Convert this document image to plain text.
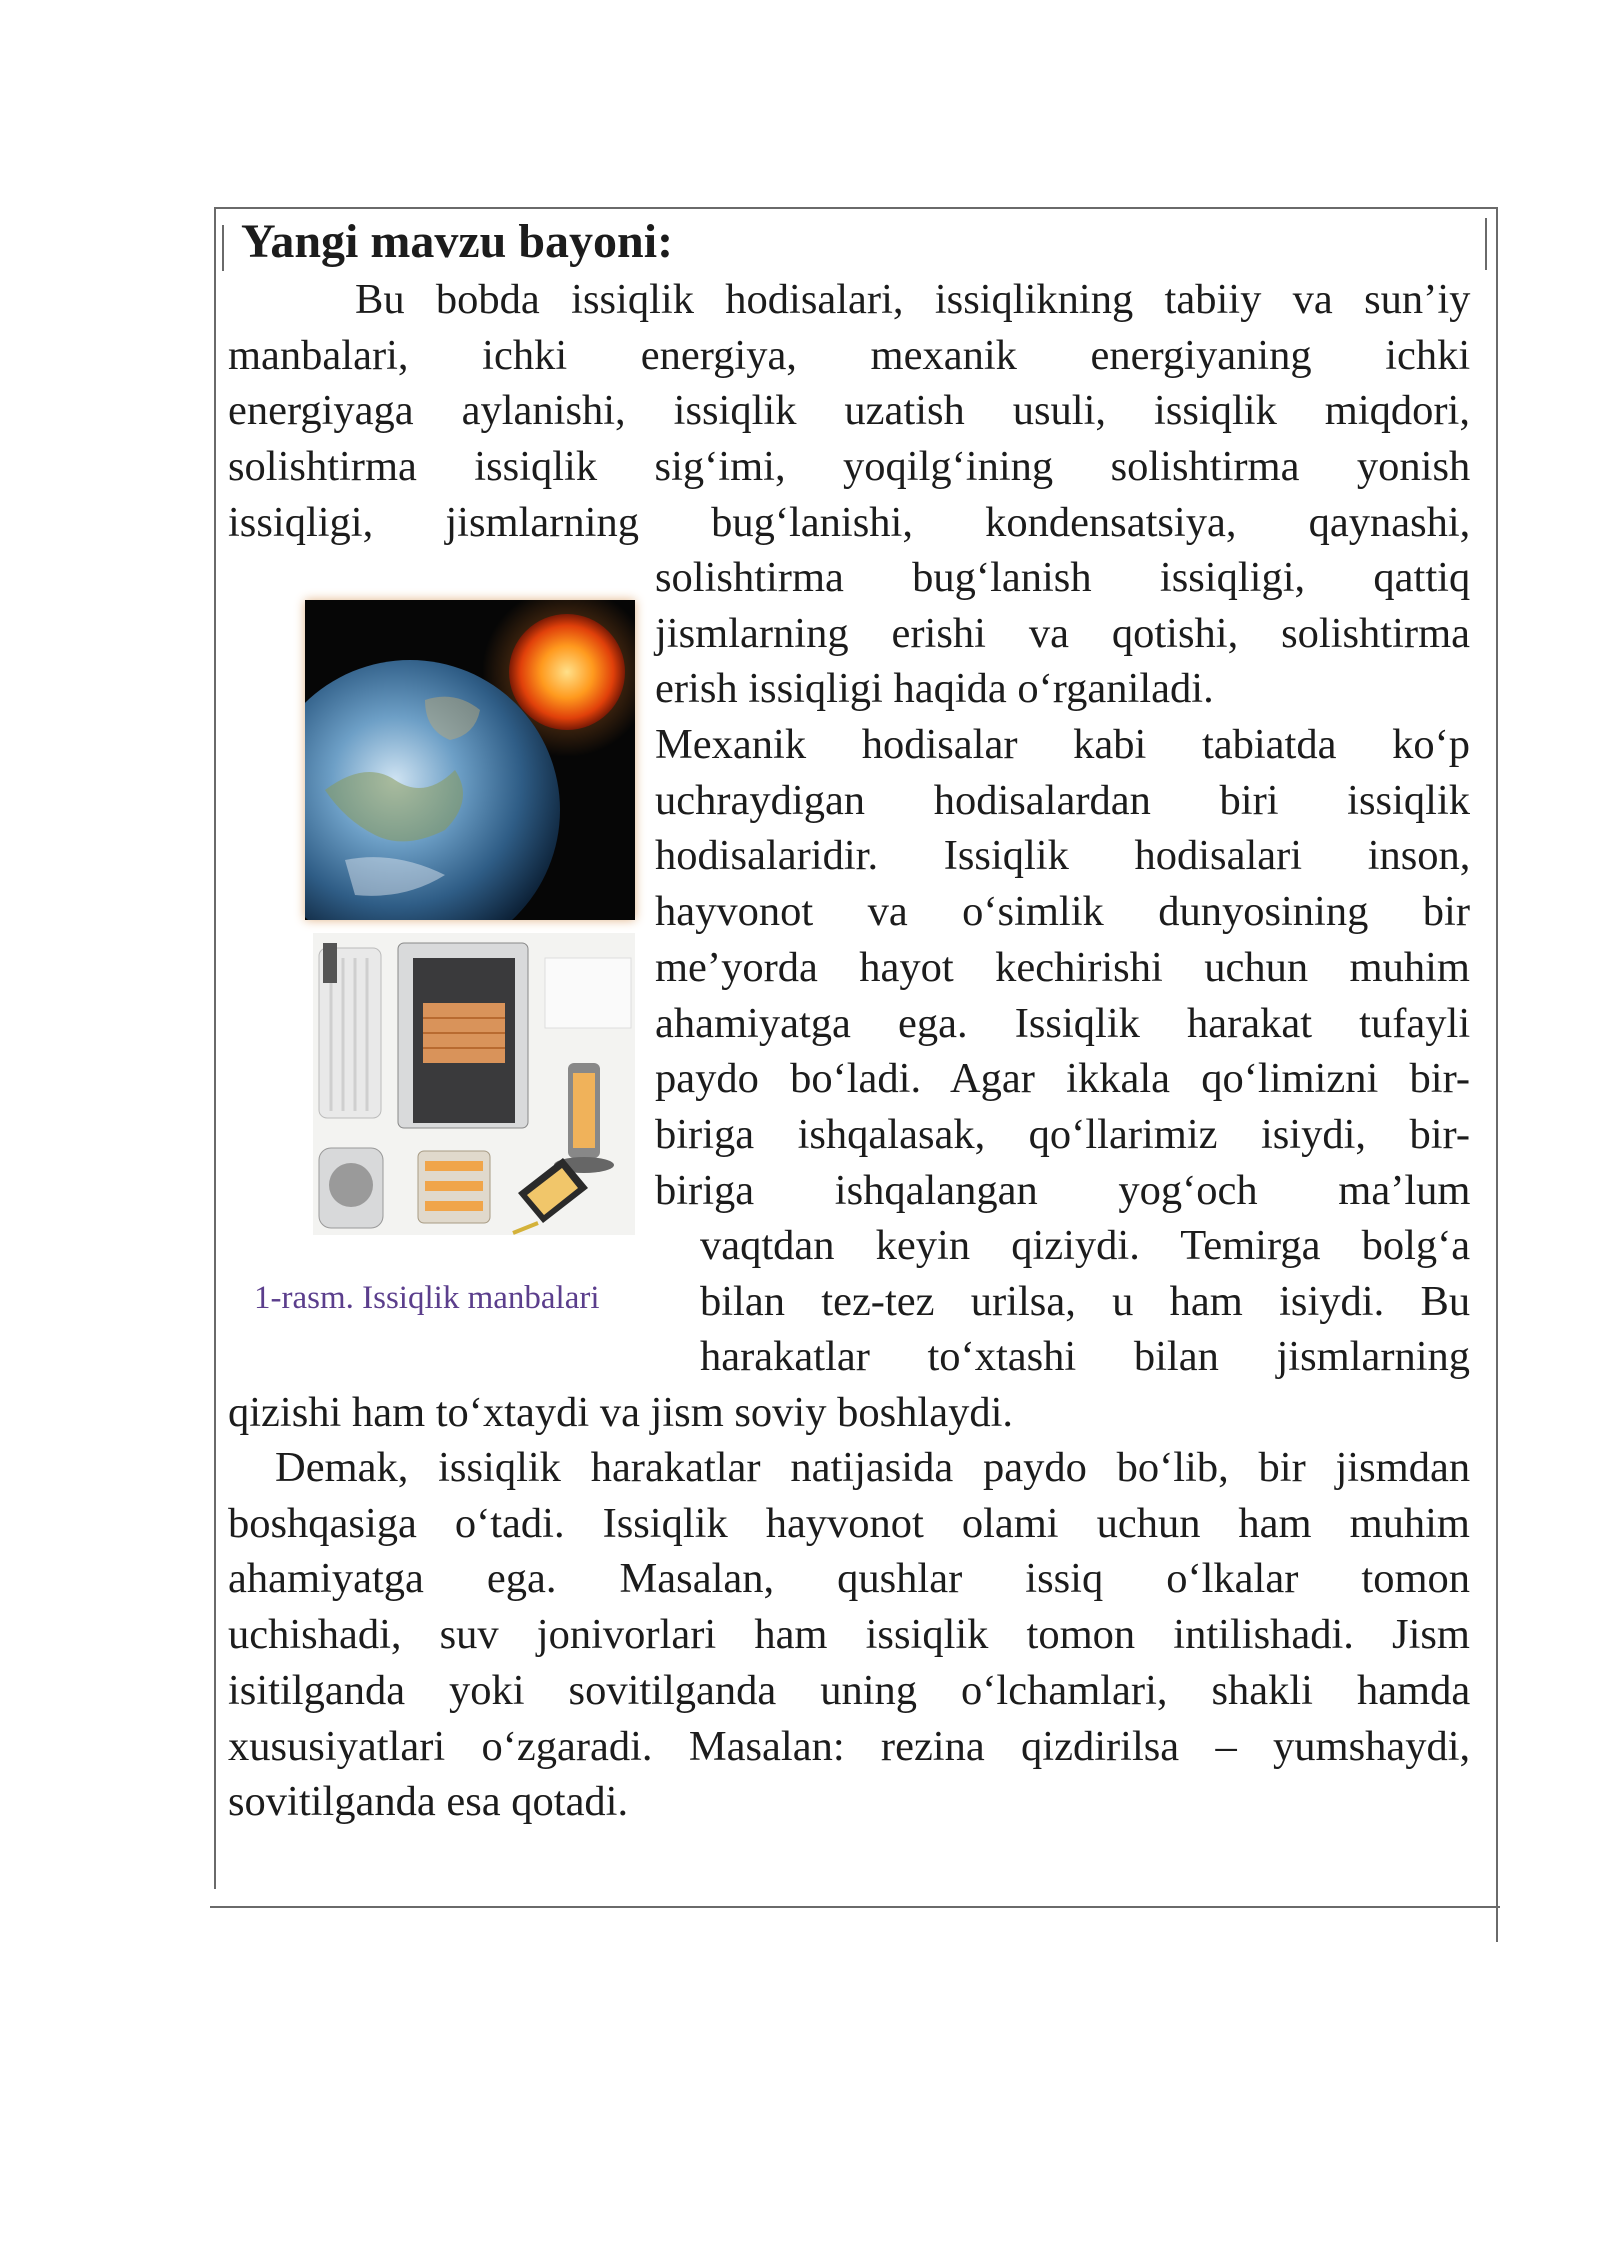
Yangi mavzu bayoni:

Bu bobda issiqlik hodisalari, issiqlikning tabiiy va sun’iy
manbalari, ichki energiya, mexanik energiyaning ichki
energiyaga aylanishi, issiqlik uzatish usuli, issiqlik miqdori,
solishtirma issiqlik sig‘imi, yoqilg‘ining solishtirma yonish
issiqligi, jismlarning bug‘lanishi, kondensatsiya, qaynashi,

solishtirma bug‘lanish issiqligi, qattiq
jismlarning erishi va qotishi, solishtirma
erish issiqligi haqida o‘rganiladi.

Mexanik hodisalar kabi tabiatda ko‘p
uchraydigan hodisalardan biri issiqlik
hodisalaridir. Issiqlik hodisalari inson,
hayvonot va o‘simlik dunyosining bir
me’yorda hayot kechirishi uchun muhim
ahamiyatga ega. Issiqlik harakat tufayli
paydo bo‘ladi. Agar ikkala qo‘limizni bir-
biriga ishqalasak, qo‘llarimiz isiydi, bir-
biriga ishqalangan yog‘och ma’lum

vaqtdan keyin qiziydi. Temirga bolg‘a
bilan tez-tez urilsa, u ham isiydi. Bu
harakatlar to‘xtashi bilan jismlarning

qizishi ham to‘xtaydi va jism soviy boshlaydi.

Demak, issiqlik harakatlar natijasida paydo bo‘lib, bir jismdan
boshqasiga o‘tadi. Issiqlik hayvonot olami uchun ham muhim
ahamiyatga ega. Masalan, qushlar issiq o‘lkalar tomon
uchishadi, suv jonivorlari ham issiqlik tomon intilishadi. Jism
isitilganda yoki sovitilganda uning o‘lchamlari, shakli hamda
xususiyatlari o‘zgaradi. Masalan: rezina qizdirilsa – yumshaydi,
sovitilganda esa qotadi.

1-rasm. Issiqlik manbalari
